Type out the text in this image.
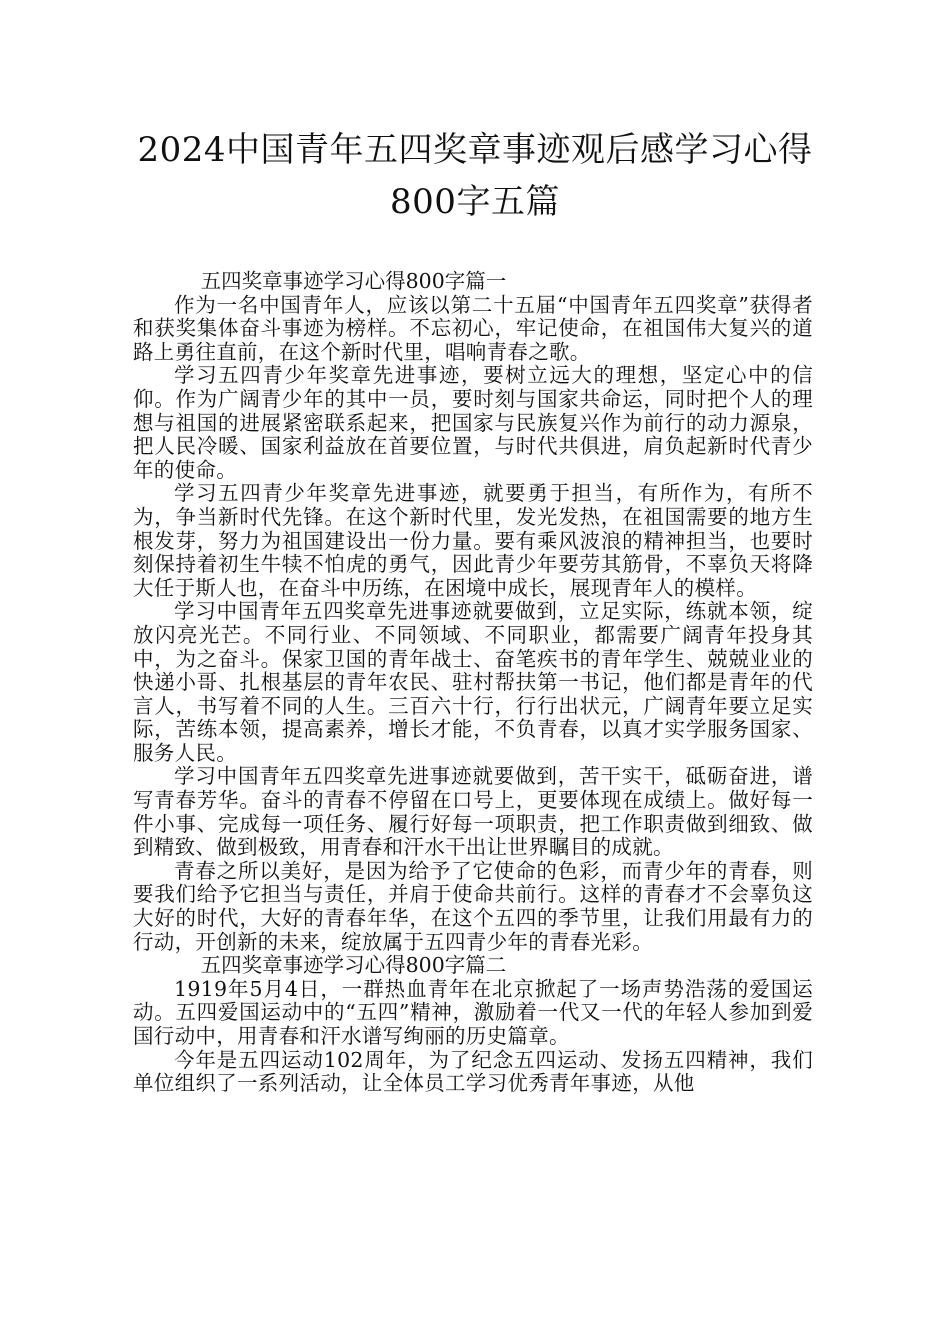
2024中国青年五四奖章事迹观后感学习心得800字五篇

五四奖章事迹学习心得800字篇一

作为一名中国青年人，应该以第二十五届“中国青年五四奖章”获得者和获奖集体奋斗事迹为榜样。不忘初心，牢记使命，在祖国伟大复兴的道路上勇往直前，在这个新时代里，唱响青春之歌。

学习五四青少年奖章先进事迹，要树立远大的理想，坚定心中的信仰。作为广阔青少年的其中一员，要时刻与国家共命运，同时把个人的理想与祖国的进展紧密联系起来，把国家与民族复兴作为前行的动力源泉，把人民冷暖、国家利益放在首要位置，与时代共俱进，肩负起新时代青少年的使命。

学习五四青少年奖章先进事迹，就要勇于担当，有所作为，有所不为，争当新时代先锋。在这个新时代里，发光发热，在祖国需要的地方生根发芽，努力为祖国建设出一份力量。要有乘风波浪的精神担当，也要时刻保持着初生牛犊不怕虎的勇气，因此青少年要劳其筋骨，不辜负天将降大任于斯人也，在奋斗中历练，在困境中成长，展现青年人的模样。

学习中国青年五四奖章先进事迹就要做到，立足实际，练就本领，绽放闪亮光芒。不同行业、不同领域、不同职业，都需要广阔青年投身其中，为之奋斗。保家卫国的青年战士、奋笔疾书的青年学生、兢兢业业的快递小哥、扎根基层的青年农民、驻村帮扶第一书记，他们都是青年的代言人，书写着不同的人生。三百六十行，行行出状元，广阔青年要立足实际，苦练本领，提高素养，增长才能，不负青春，以真才实学服务国家、服务人民。

学习中国青年五四奖章先进事迹就要做到，苦干实干，砥砺奋进，谱写青春芳华。奋斗的青春不停留在口号上，更要体现在成绩上。做好每一件小事、完成每一项任务、履行好每一项职责，把工作职责做到细致、做到精致、做到极致，用青春和汗水干出让世界瞩目的成就。

青春之所以美好，是因为给予了它使命的色彩，而青少年的青春，则要我们给予它担当与责任，并肩于使命共前行。这样的青春才不会辜负这大好的时代，大好的青春年华，在这个五四的季节里，让我们用最有力的行动，开创新的未来，绽放属于五四青少年的青春光彩。

五四奖章事迹学习心得800字篇二

1919年5月4日，一群热血青年在北京掀起了一场声势浩荡的爱国运动。五四爱国运动中的“五四”精神，激励着一代又一代的年轻人参加到爱国行动中，用青春和汗水谱写绚丽的历史篇章。

今年是五四运动102周年，为了纪念五四运动、发扬五四精神，我们单位组织了一系列活动，让全体员工学习优秀青年事迹，从他
